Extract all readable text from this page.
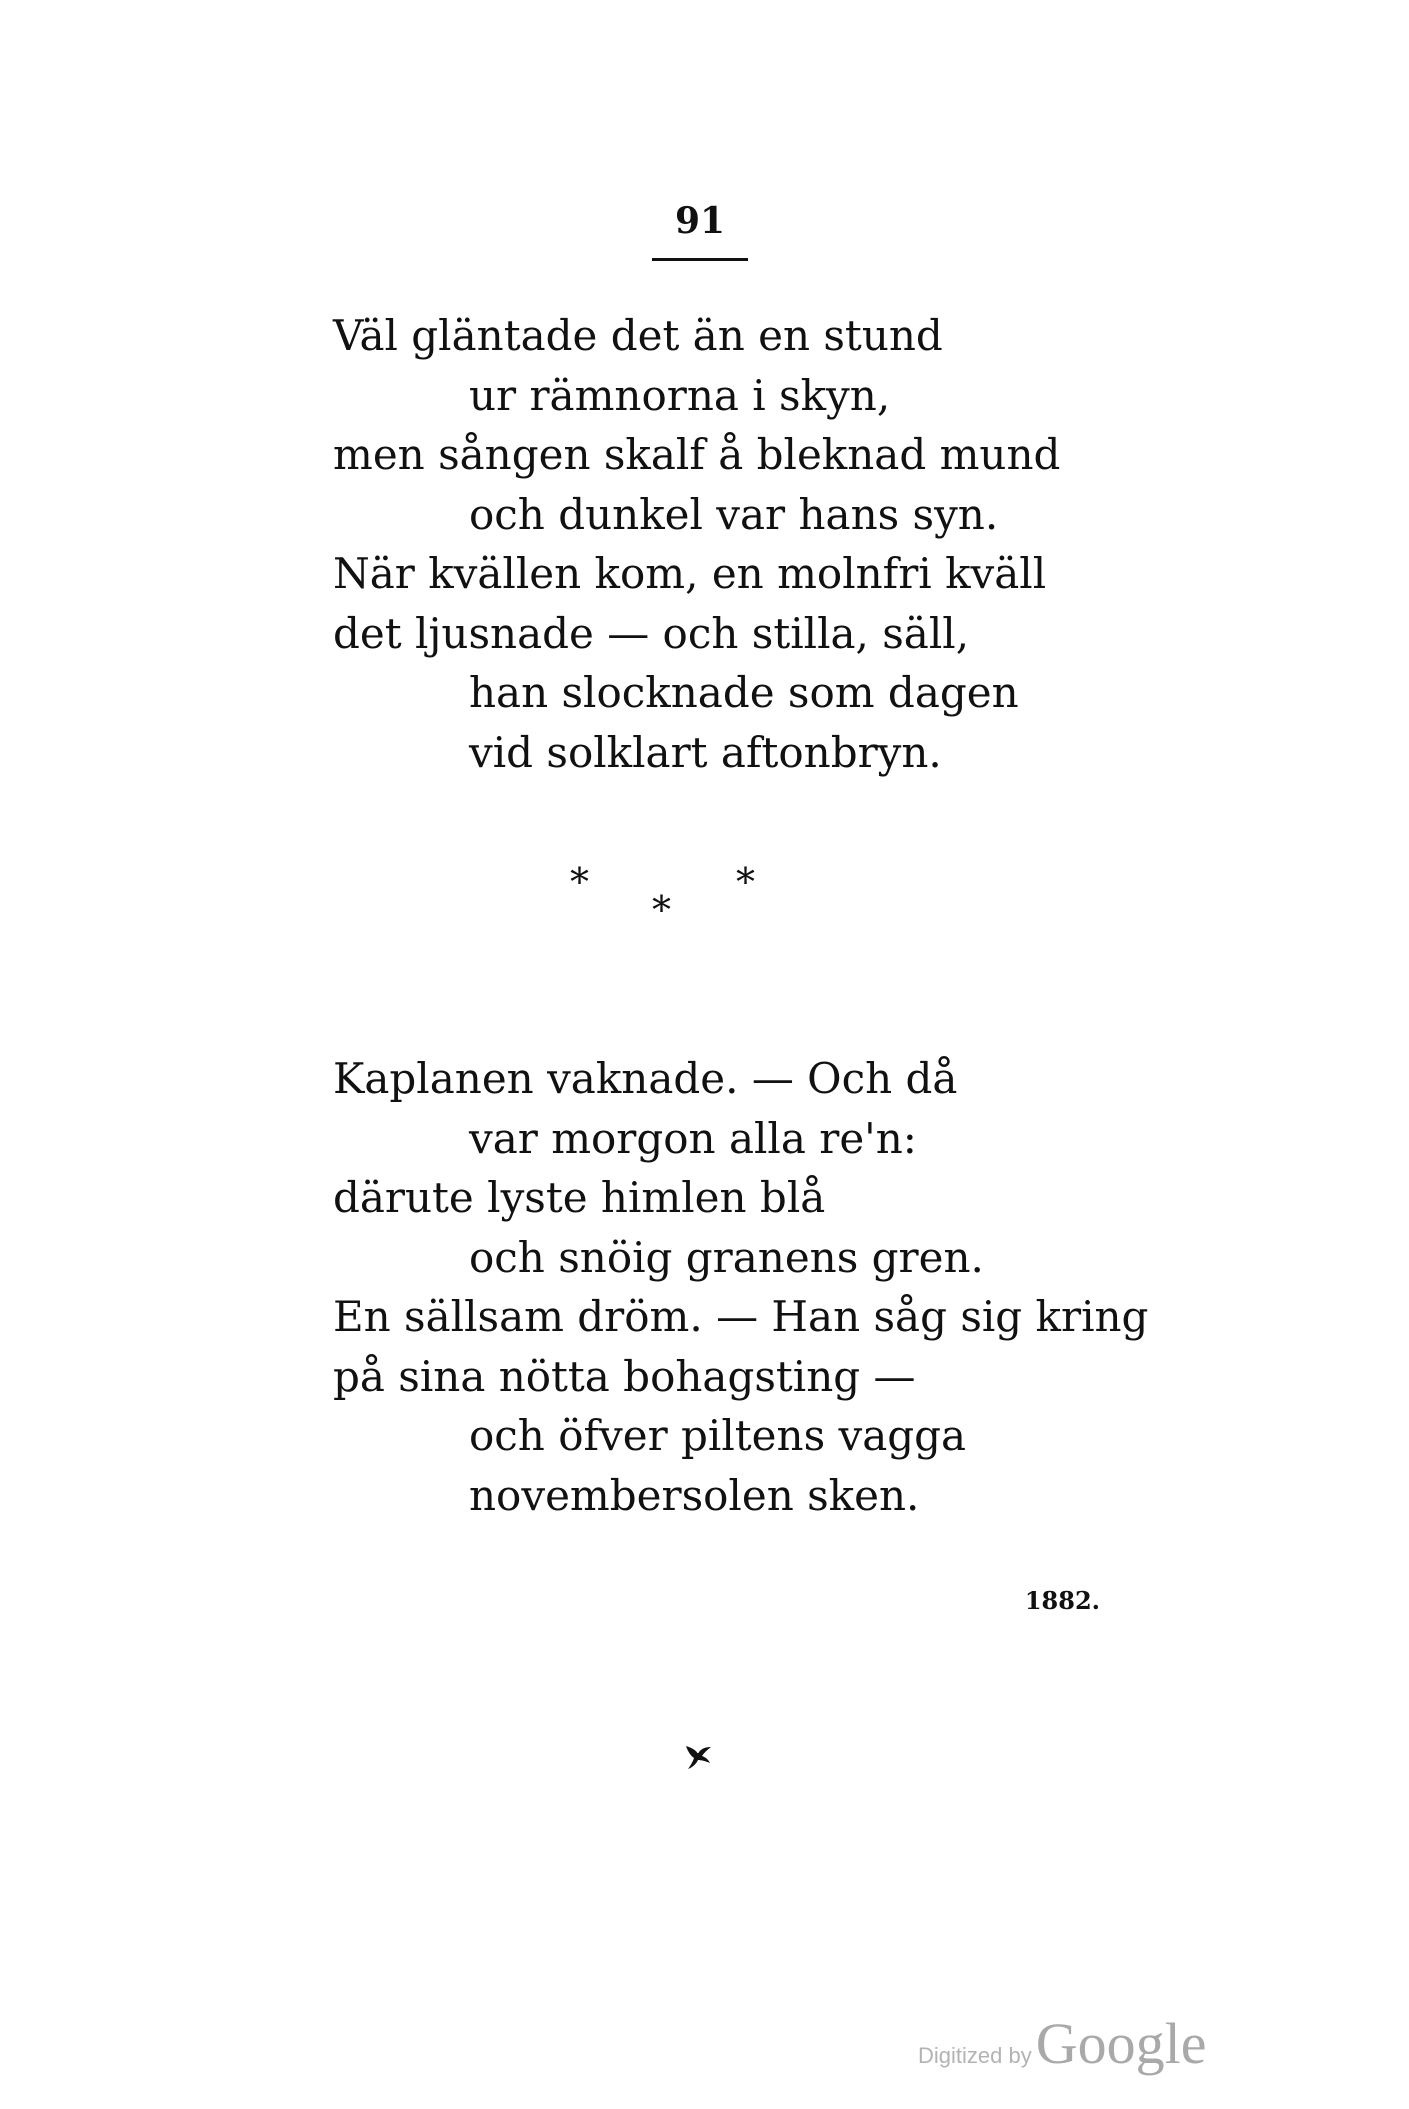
91
Väl gläntade det än en stund
ur rämnorna i skyn,
men sången skalf å bleknad mund
och dunkel var hans syn.
När kvällen kom, en molnfri kväll
det ljusnade — och stilla, säll,
han slocknade som dagen
vid solklart aftonbryn.
*
*
*
Kaplanen vaknade. — Och då
var morgon alla re'n:
därute lyste himlen blå
och snöig granens gren.
En sällsam dröm. — Han såg sig kring
på sina nötta bohagsting —
och öfver piltens vagga
novembersolen sken.
1882.
Digitized byGoogle
